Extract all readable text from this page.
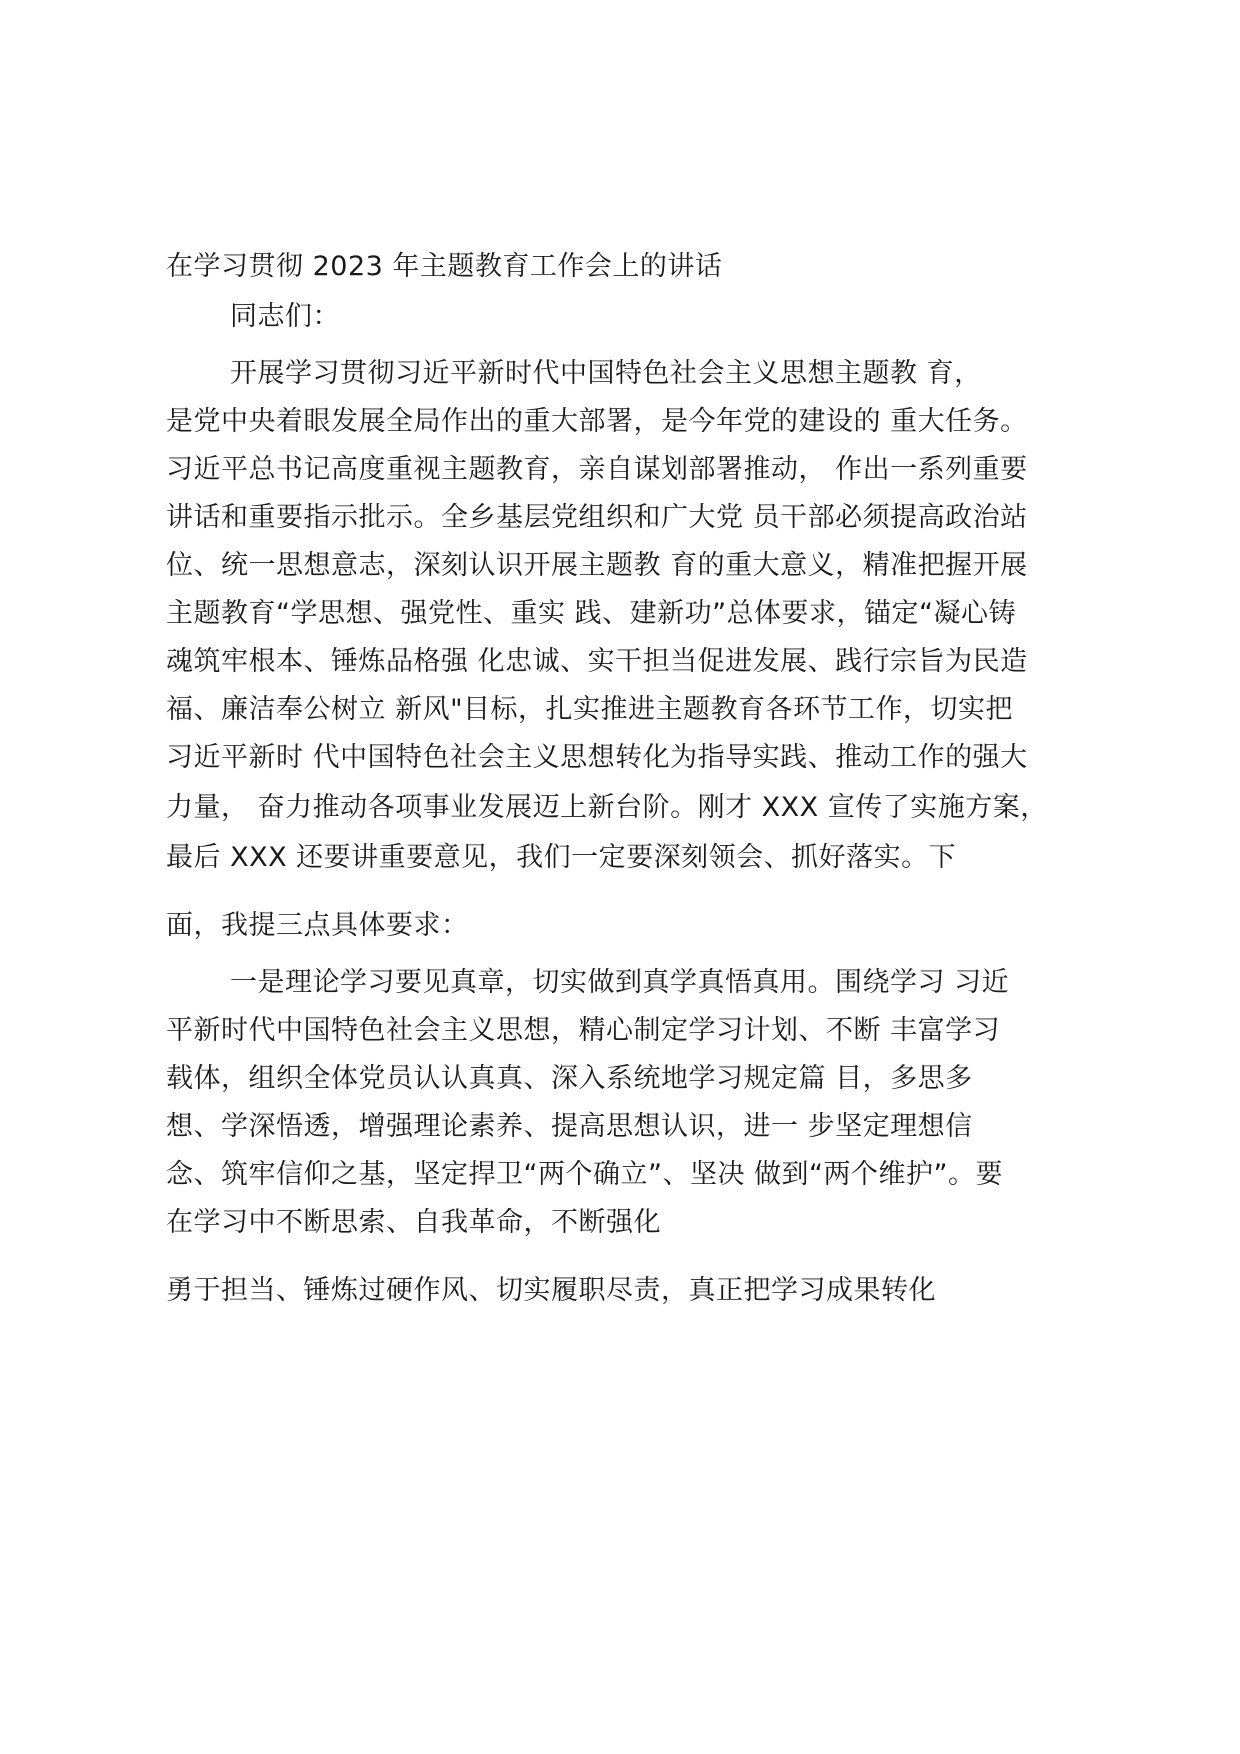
在学习贯彻 2023 年主题教育工作会上的讲话
同志们：
开展学习贯彻习近平新时代中国特色社会主义思想主题教 育，
是党中央着眼发展全局作出的重大部署，是今年党的建设的 重大任务。
习近平总书记高度重视主题教育，亲自谋划部署推动， 作出一系列重要
讲话和重要指示批示。全乡基层党组织和广大党 员干部必须提高政治站
位、统一思想意志，深刻认识开展主题教 育的重大意义，精准把握开展
主题教育“学思想、强党性、重实 践、建新功”总体要求，锚定“凝心铸
魂筑牢根本、锤炼品格强 化忠诚、实干担当促进发展、践行宗旨为民造
福、廉洁奉公树立 新风"目标，扎实推进主题教育各环节工作，切实把
习近平新时 代中国特色社会主义思想转化为指导实践、推动工作的强大
力量， 奋力推动各项事业发展迈上新台阶。刚才 XXX 宣传了实施方案，
最后 XXX 还要讲重要意见，我们一定要深刻领会、抓好落实。下
面，我提三点具体要求：
一是理论学习要见真章，切实做到真学真悟真用。围绕学习 习近
平新时代中国特色社会主义思想，精心制定学习计划、不断 丰富学习
载体，组织全体党员认认真真、深入系统地学习规定篇 目，多思多
想、学深悟透，增强理论素养、提高思想认识，进一 步坚定理想信
念、筑牢信仰之基，坚定捍卫“两个确立”、坚决 做到“两个维护”。要
在学习中不断思索、自我革命，不断强化
勇于担当、锤炼过硬作风、切实履职尽责，真正把学习成果转化
